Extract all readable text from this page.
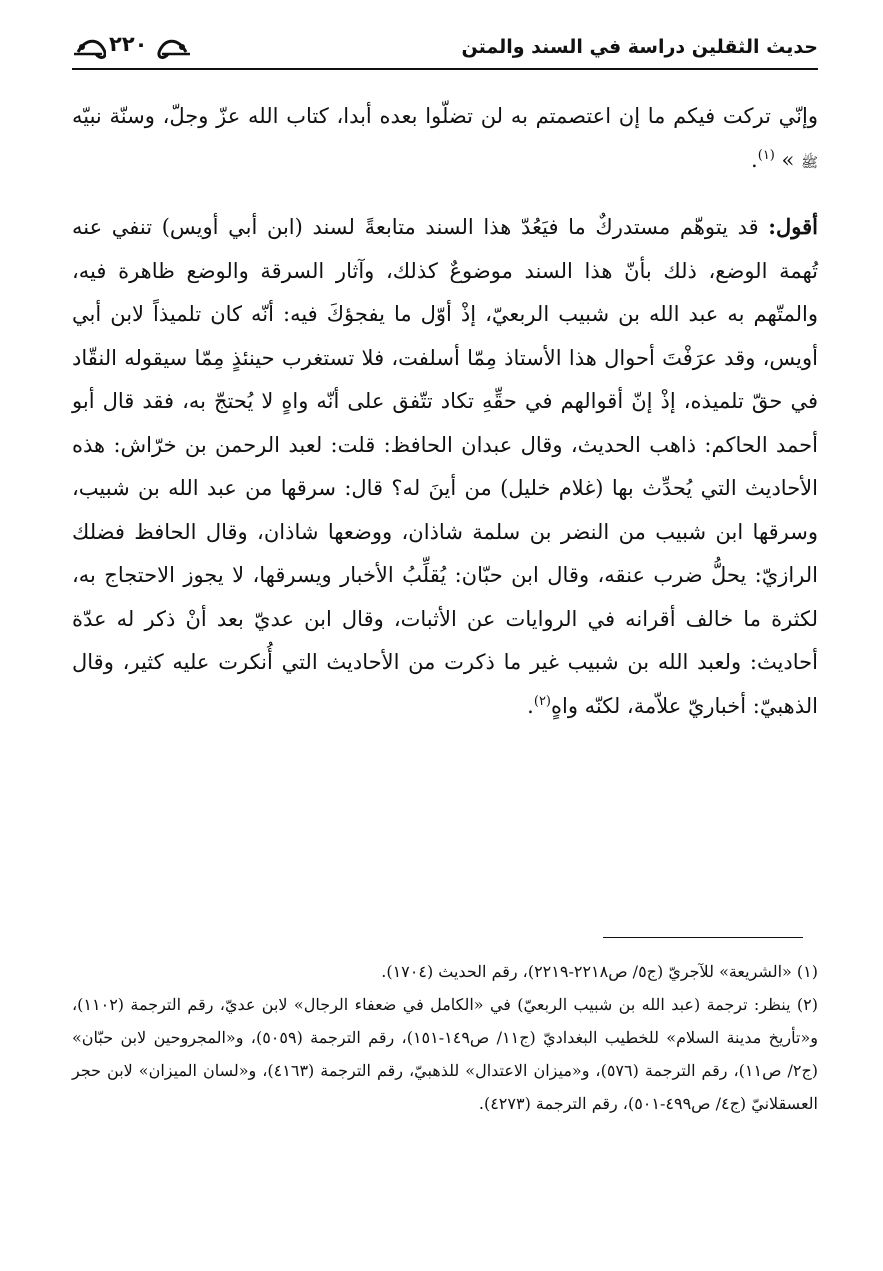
حديث الثقلين دراسة في السند والمتن
٢٢٠

وإنّي تركت فيكم ما إن اعتصمتم به لن تضلّوا بعده أبدا، كتاب الله عزّ وجلّ، وسنّة نبيّه ﷺ » $^{(١)}$.

أقول: قد يتوهّم مستدركٌ ما فيَعُدّ هذا السند متابعةً لسند (ابن أبي أويس) تنفي عنه تُهمة الوضع، ذلك بأنّ هذا السند موضوعٌ كذلك، وآثار السرقة والوضع ظاهرة فيه، والمتّهم به عبد الله بن شبيب الربعيّ، إذْ أوّل ما يفجؤكَ فيه: أنّه كان تلميذاً لابن أبي أويس، وقد عرَفْتَ أحوال هذا الأستاذ مِمّا أسلفت، فلا تستغرب حينئذٍ مِمّا سيقوله النقّاد في حقّ تلميذه، إذْ إنّ أقوالهم في حقِّهِ تكاد تتّفق على أنّه واهٍ لا يُحتجّ به، فقد قال أبو أحمد الحاكم: ذاهب الحديث، وقال عبدان الحافظ: قلت: لعبد الرحمن بن خرّاش: هذه الأحاديث التي يُحدِّث بها (غلام خليل) من أينَ له؟ قال: سرقها من عبد الله بن شبيب، وسرقها ابن شبيب من النضر بن سلمة شاذان، ووضعها شاذان، وقال الحافظ فضلك الرازيّ: يحلُّ ضرب عنقه، وقال ابن حبّان: يُقلِّبُ الأخبار ويسرقها، لا يجوز الاحتجاج به، لكثرة ما خالف أقرانه في الروايات عن الأثبات، وقال ابن عديّ بعد أنْ ذكر له عدّة أحاديث: ولعبد الله بن شبيب غير ما ذكرت من الأحاديث التي أُنكرت عليه كثير، وقال الذهبيّ: أخباريّ علاّمة، لكنّه واهٍ$^{(٢)}$.

(١) «الشريعة» للآجريّ (ج٥/ ص٢٢١٨-٢٢١٩)، رقم الحديث (١٧٠٤).

(٢) ينظر: ترجمة (عبد الله بن شبيب الربعيّ) في «الكامل في ضعفاء الرجال» لابن عديّ، رقم الترجمة (١١٠٢)، و«تأريخ مدينة السلام» للخطيب البغداديّ (ج١١/ ص١٤٩-١٥١)، رقم الترجمة (٥٠٥٩)، و«المجروحين لابن حبّان» (ج٢/ ص١١)، رقم الترجمة (٥٧٦)، و«ميزان الاعتدال» للذهبيّ، رقم الترجمة (٤١٦٣)، و«لسان الميزان» لابن حجر العسقلانيّ (ج٤/ ص٤٩٩-٥٠١)، رقم الترجمة (٤٢٧٣).
